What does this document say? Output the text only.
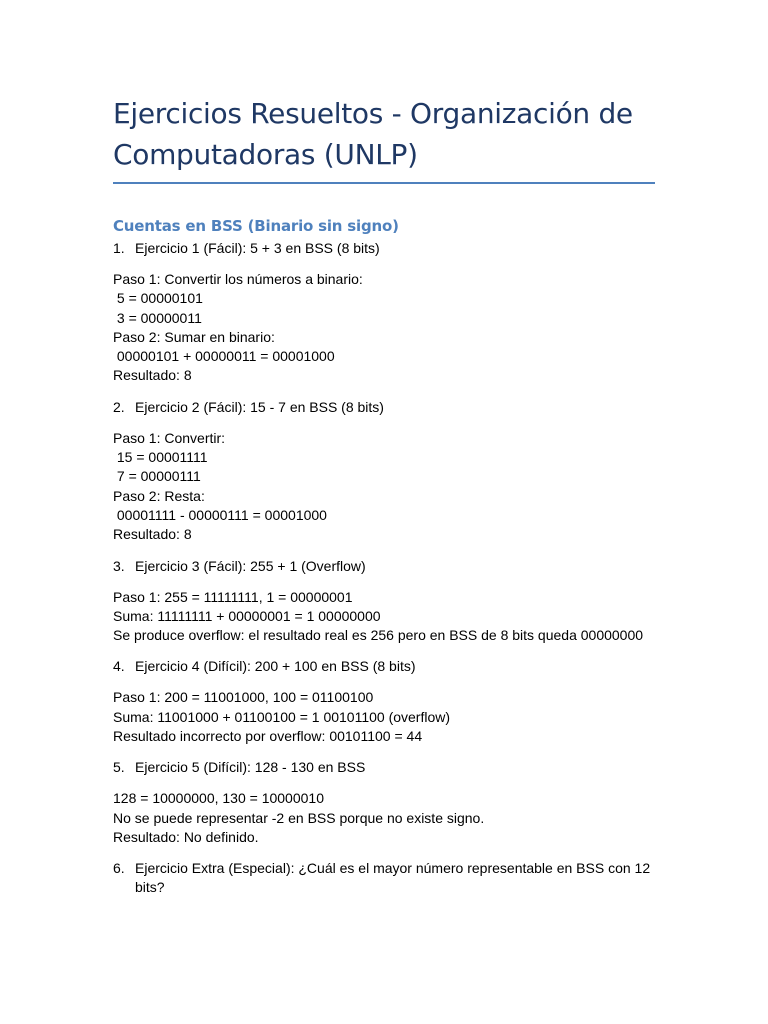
Ejercicios Resueltos - Organización de Computadoras (UNLP)
Cuentas en BSS (Binario sin signo)
1. Ejercicio 1 (Fácil): 5 + 3 en BSS (8 bits)
Paso 1: Convertir los números a binario:
5 = 00000101
3 = 00000011
Paso 2: Sumar en binario:
00000101 + 00000011 = 00001000
Resultado: 8
2. Ejercicio 2 (Fácil): 15 - 7 en BSS (8 bits)
Paso 1: Convertir:
15 = 00001111
7 = 00000111
Paso 2: Resta:
00001111 - 00000111 = 00001000
Resultado: 8
3. Ejercicio 3 (Fácil): 255 + 1 (Overflow)
Paso 1: 255 = 11111111, 1 = 00000001
Suma: 11111111 + 00000001 = 1 00000000
Se produce overflow: el resultado real es 256 pero en BSS de 8 bits queda 00000000
4. Ejercicio 4 (Difícil): 200 + 100 en BSS (8 bits)
Paso 1: 200 = 11001000, 100 = 01100100
Suma: 11001000 + 01100100 = 1 00101100 (overflow)
Resultado incorrecto por overflow: 00101100 = 44
5. Ejercicio 5 (Difícil): 128 - 130 en BSS
128 = 10000000, 130 = 10000010
No se puede representar -2 en BSS porque no existe signo.
Resultado: No definido.
6. Ejercicio Extra (Especial): ¿Cuál es el mayor número representable en BSS con 12 bits?
